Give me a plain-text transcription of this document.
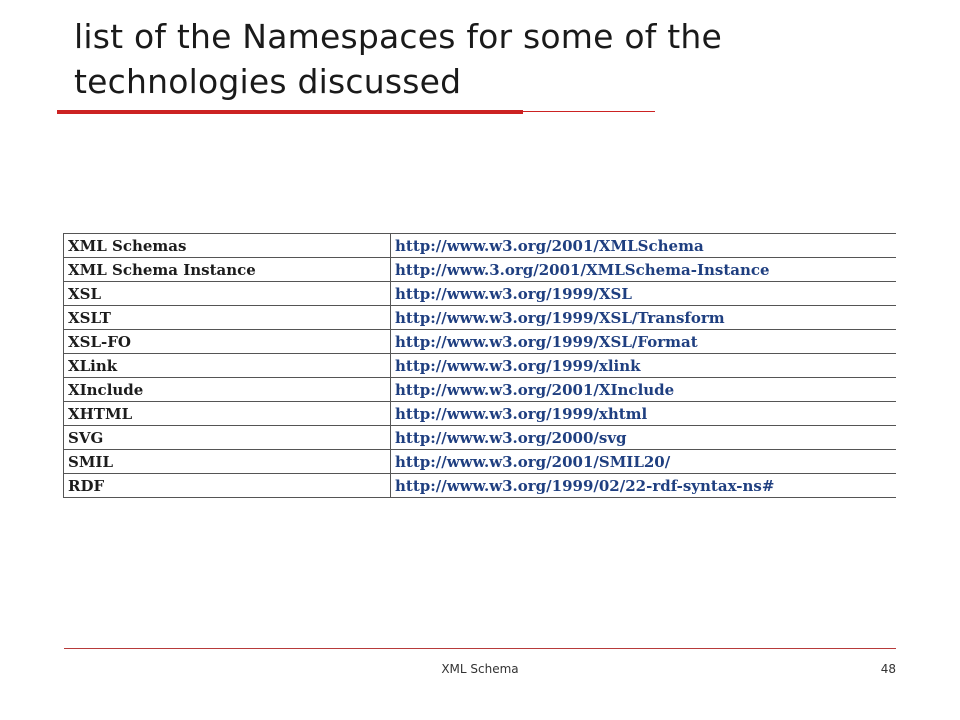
list of the Namespaces for some of the
technologies discussed
XML Schemas	http://www.w3.org/2001/XMLSchema
XML Schema Instance	http://www.3.org/2001/XMLSchema-Instance
XSL	http://www.w3.org/1999/XSL
XSLT	http://www.w3.org/1999/XSL/Transform
XSL-FO	http://www.w3.org/1999/XSL/Format
XLink	http://www.w3.org/1999/xlink
XInclude	http://www.w3.org/2001/XInclude
XHTML	http://www.w3.org/1999/xhtml
SVG	http://www.w3.org/2000/svg
SMIL	http://www.w3.org/2001/SMIL20/
RDF	http://www.w3.org/1999/02/22-rdf-syntax-ns#
XML Schema	48
